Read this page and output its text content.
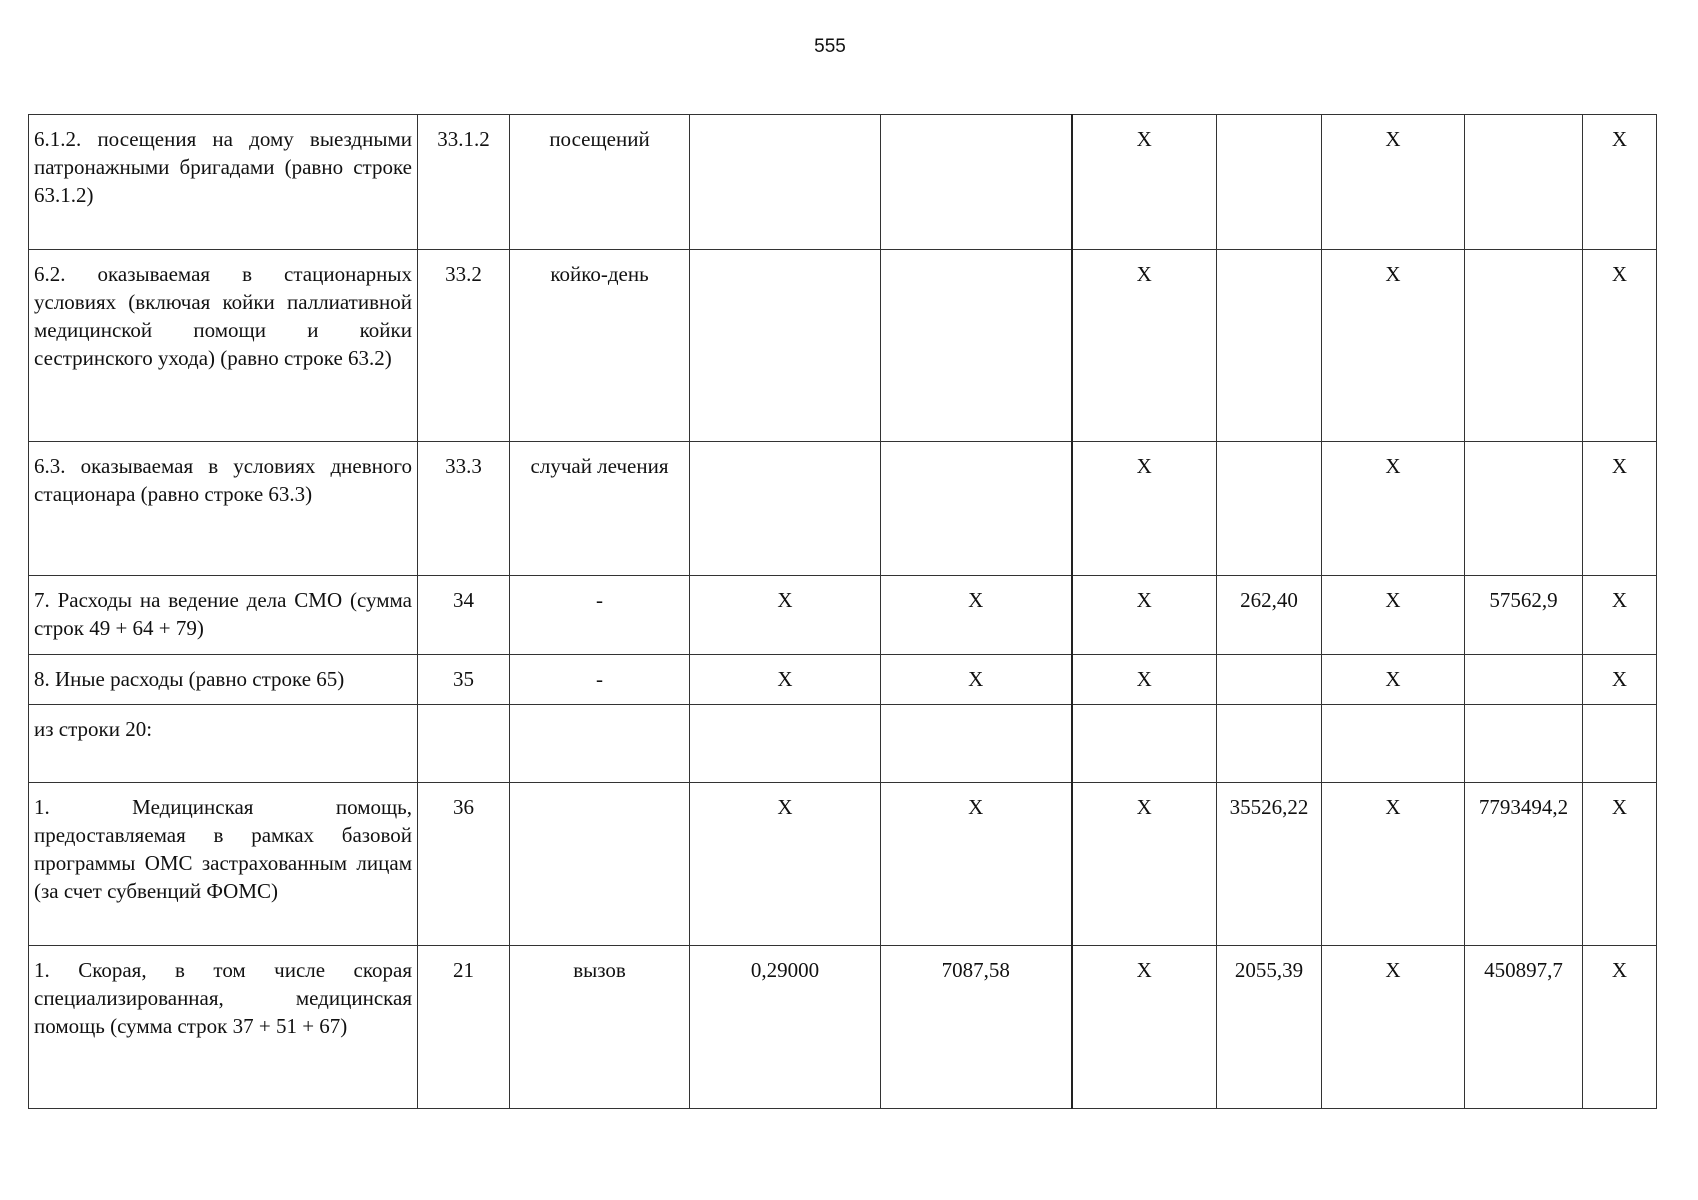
555
6.1.2. посещения на дому выездными патронажными бригадами (равно строке 63.1.2)	33.1.2	посещений			X		X		X
6.2. оказываемая в стационарных условиях (включая койки паллиативной медицинской помощи и койки сестринского ухода) (равно строке 63.2)	33.2	койко-день			X		X		X
6.3. оказываемая в условиях дневного стационара (равно строке 63.3)	33.3	случай лечения			X		X		X
7. Расходы на ведение дела СМО (сумма строк 49 + 64 + 79)	34	-	X	X	X	262,40	X	57562,9	X
8. Иные расходы (равно строке 65)	35	-	X	X	X		X		X
из строки 20:									
1. Медицинская помощь, предоставляемая в рамках базовой программы ОМС застрахованным лицам (за счет субвенций ФОМС)	36		X	X	X	35526,22	X	7793494,2	X
1. Скорая, в том числе скорая специализированная, медицинская помощь (сумма строк 37 + 51 + 67)	21	вызов	0,29000	7087,58	X	2055,39	X	450897,7	X
